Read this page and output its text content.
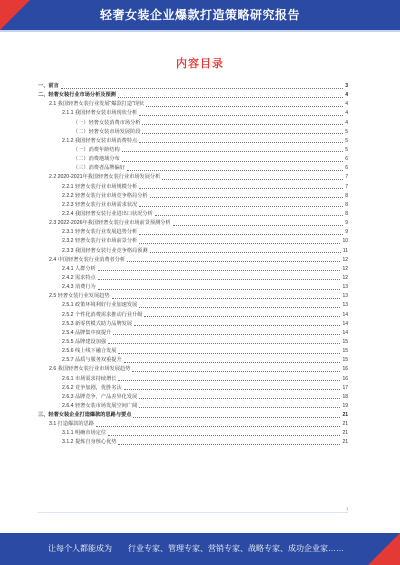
轻奢女装企业爆款打造策略研究报告
内容目录
一、前言	3
二、轻奢女装行业市场分析及预测	4
2.1 我国轻奢女装行业发展“爆款打造”现状	4
2.1.1 我国轻奢女装市场现状分析	4
（一）轻奢女装消费市场分析	4
（二）轻奢女装市场发展阶段	5
2.1.2 我国轻奢女装市场消费特点	5
（一）消费年龄结构	5
（二）消费地域分布	6
（三）消费者品牌偏好	6
2.2 2020-2021年我国轻奢女装行业市场发展分析	7
2.2.1 轻奢女装行业市场规模分析	7
2.2.2 轻奢女装行业市场竞争格局分析	8
2.2.3 轻奢女装行业市场需求状况	8
2.2.4 我国轻奢女装行业进出口状况分析	8
2.3 2022-2026年我国轻奢女装行业市场前景预测分析	9
2.3.1 轻奢女装行业发展趋势分析	9
2.3.2 轻奢女装行业市场前景分析	10
2.3.3 我国轻奢女装行业竞争格局预测	11
2.4 中国轻奢女装行业消费者分析	12
2.4.1 人群分析	12
2.4.2 需求特点	12
2.4.3 消费行为	13
2.5 轻奢女装行业发展趋势	13
2.5.1 政策环境利好行业加速发展	13
2.5.2 个性化消费需求推动行业升级	14
2.5.3 新零售模式助力品牌发展	14
2.5.4 品牌集中度提升	14
2.5.5 品牌建设加强	15
2.5.6 线上线下融合发展	15
2.5.7 品质与服务双重提升	15
2.6 我国轻奢女装行业市场发展趋势	16
2.6.1 市场需求持续增长	16
2.6.2 竞争加剧，优胜劣汰	17
2.6.3 品牌竞争，产品差异化发展	18
2.6.4 轻奢女装市场发展空间广阔	19
三、轻奢女装企业打造爆款的思路与要点	21
3.1 打造爆款的思路	21
3.1.1 明确市场定位	21
3.1.2 提炼自身核心优势	21
1
让每个人都能成为 行业专家、管理专家、营销专家、战略专家、成功企业家……
